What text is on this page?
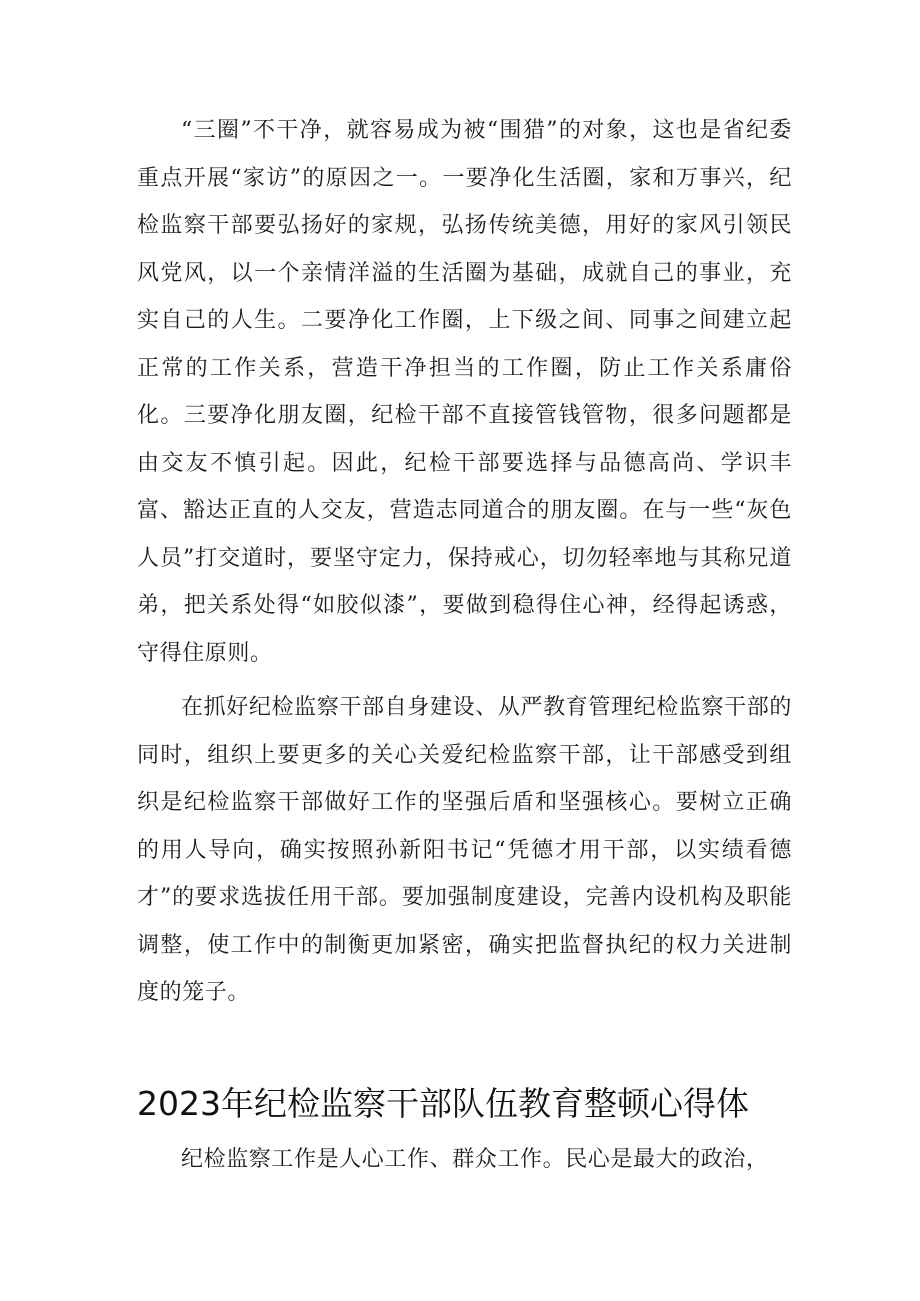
“三圈”不干净，就容易成为被“围猎”的对象，这也是省纪委重点开展“家访”的原因之一。一要净化生活圈，家和万事兴，纪检监察干部要弘扬好的家规，弘扬传统美德，用好的家风引领民风党风，以一个亲情洋溢的生活圈为基础，成就自己的事业，充实自己的人生。二要净化工作圈，上下级之间、同事之间建立起正常的工作关系，营造干净担当的工作圈，防止工作关系庸俗化。三要净化朋友圈，纪检干部不直接管钱管物，很多问题都是由交友不慎引起。因此，纪检干部要选择与品德高尚、学识丰富、豁达正直的人交友，营造志同道合的朋友圈。在与一些“灰色人员”打交道时，要坚守定力，保持戒心，切勿轻率地与其称兄道弟，把关系处得“如胶似漆”，要做到稳得住心神，经得起诱惑，守得住原则。

在抓好纪检监察干部自身建设、从严教育管理纪检监察干部的同时，组织上要更多的关心关爱纪检监察干部，让干部感受到组织是纪检监察干部做好工作的坚强后盾和坚强核心。要树立正确的用人导向，确实按照孙新阳书记“凭德才用干部，以实绩看德才”的要求选拔任用干部。要加强制度建设，完善内设机构及职能调整，使工作中的制衡更加紧密，确实把监督执纪的权力关进制度的笼子。

2023年纪检监察干部队伍教育整顿心得体

纪检监察工作是人心工作、群众工作。民心是最大的政治，
